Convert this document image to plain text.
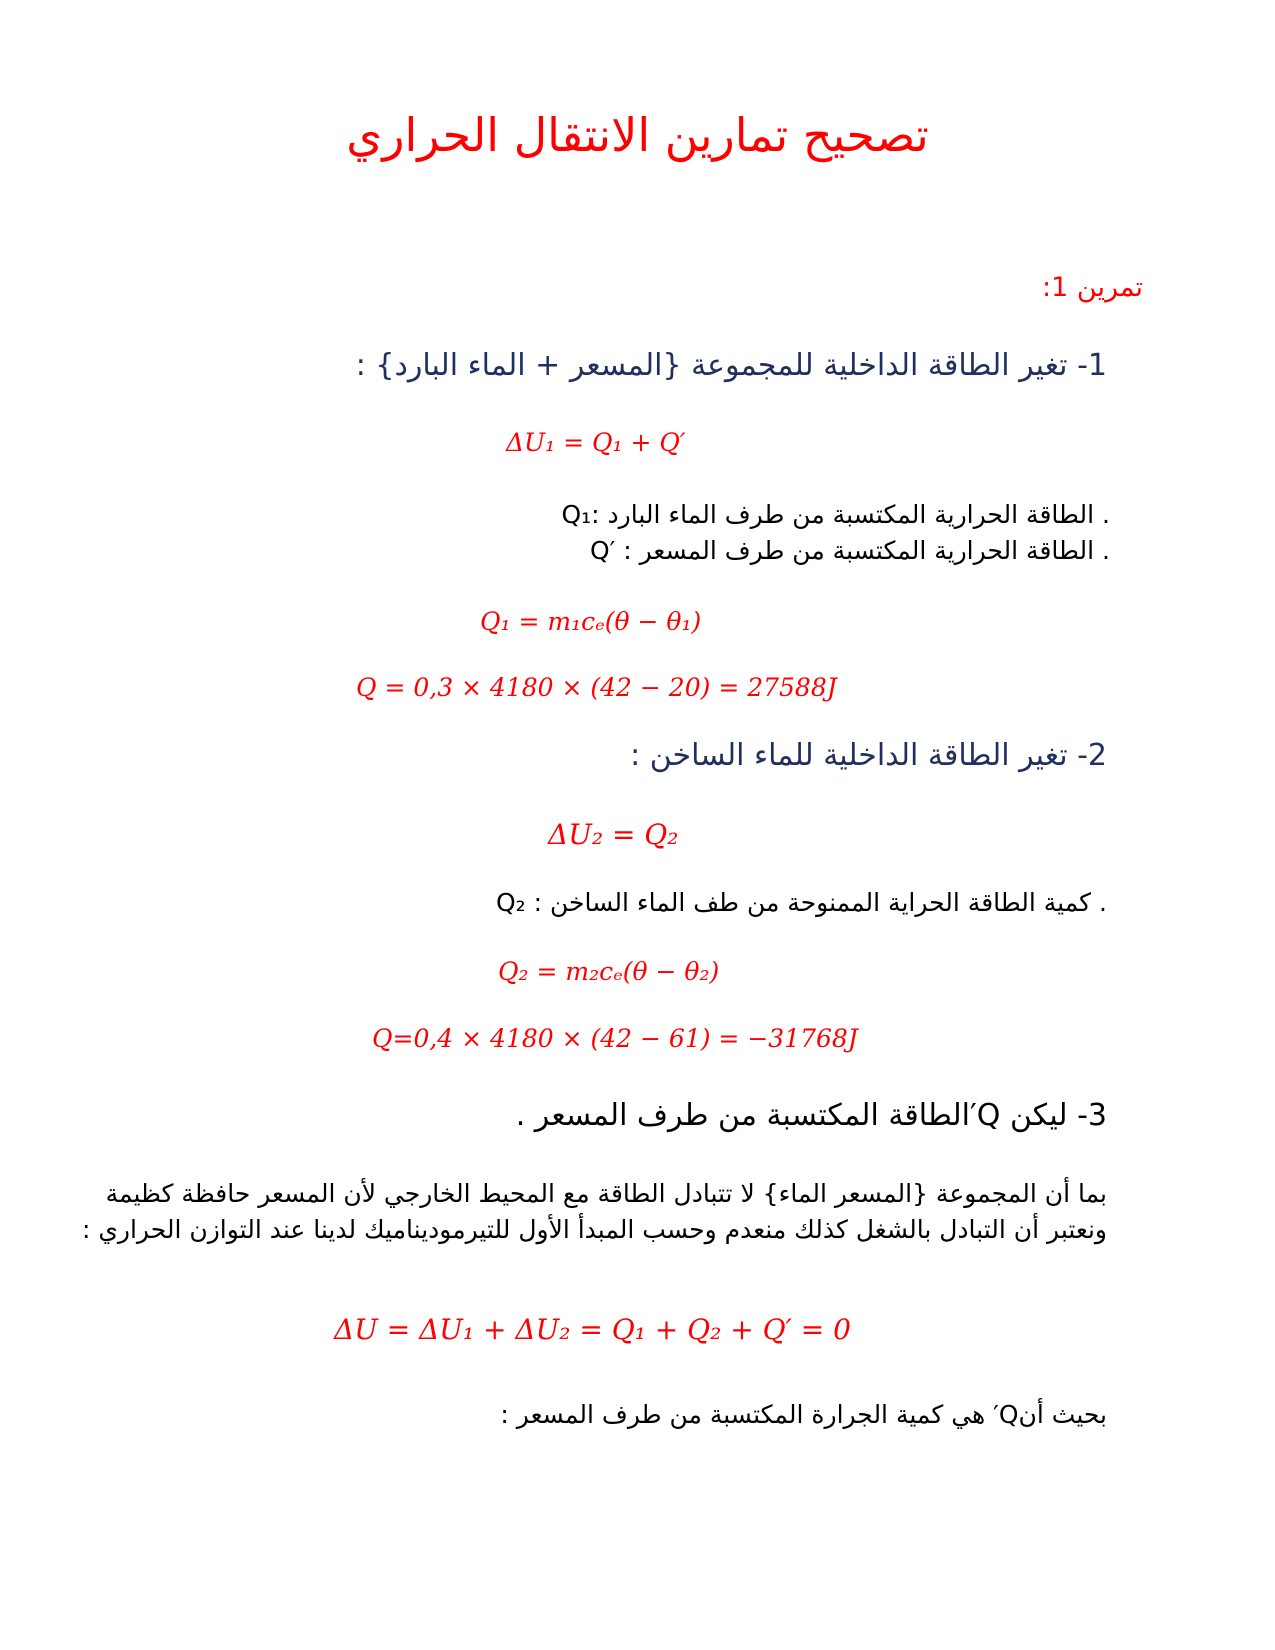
تصحيح تمارين الانتقال الحراري
تمرين 1:
1- تغير الطاقة الداخلية للمجموعة {المسعر + الماء البارد} :
ΔU₁ = Q₁ + Q′
Q₁: الطاقة الحرارية المكتسبة من طرف الماء البارد .
Q′ : الطاقة الحرارية المكتسبة من طرف المسعر .
Q₁ = m₁cₑ(θ − θ₁)
Q = 0,3 × 4180 × (42 − 20) = 27588J
2- تغير الطاقة الداخلية للماء الساخن :
ΔU₂ = Q₂
Q₂ : كمية الطاقة الحراية الممنوحة من طف الماء الساخن .
Q₂ = m₂cₑ(θ − θ₂)
Q=0,4 × 4180 × (42 − 61) = −31768J
3- ليكن Q′الطاقة المكتسبة من طرف المسعر .
بما أن المجموعة {المسعر الماء} لا تتبادل الطاقة مع المحيط الخارجي لأن المسعر حافظة كظيمة ونعتبر أن التبادل بالشغل كذلك منعدم وحسب المبدأ الأول للتيرموديناميك لدينا عند التوازن الحراري :
ΔU = ΔU₁ + ΔU₂ = Q₁ + Q₂ + Q′ = 0
بحيث أنQ′ هي كمية الجرارة المكتسبة من طرف المسعر :
